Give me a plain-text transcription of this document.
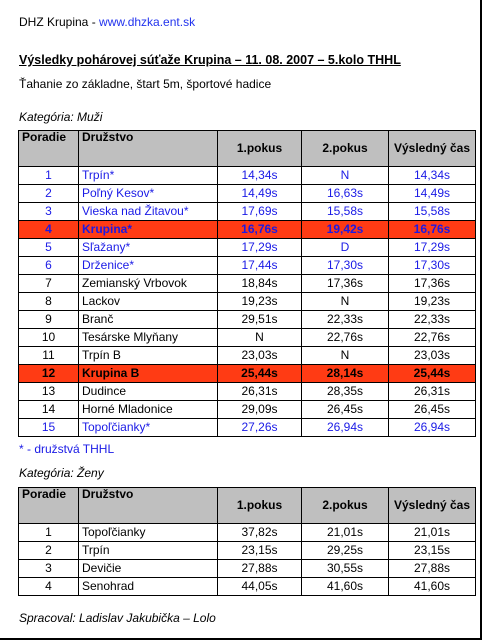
DHZ Krupina - www.dhzka.ent.sk
Výsledky pohárovej súťaže Krupina – 11. 08. 2007 – 5.kolo THHL
Ťahanie zo základne, štart 5m, športové hadice
Kategória: Muži
Poradie	Družstvo	1.pokus	2.pokus	Výsledný čas
1	Trpín*	14,34s	N	14,34s
2	Poľný Kesov*	14,49s	16,63s	14,49s
3	Vieska nad Žitavou*	17,69s	15,58s	15,58s
4	Krupina*	16,76s	19,42s	16,76s
5	Sľažany*	17,29s	D	17,29s
6	Drženice*	17,44s	17,30s	17,30s
7	Zemianský Vrbovok	18,84s	17,36s	17,36s
8	Lackov	19,23s	N	19,23s
9	Branč	29,51s	22,33s	22,33s
10	Tesárske Mlyňany	N	22,76s	22,76s
11	Trpín B	23,03s	N	23,03s
12	Krupina B	25,44s	28,14s	25,44s
13	Dudince	26,31s	28,35s	26,31s
14	Horné Mladonice	29,09s	26,45s	26,45s
15	Topoľčianky*	27,26s	26,94s	26,94s
* - družstvá THHL
Kategória: Ženy
Poradie	Družstvo	1.pokus	2.pokus	Výsledný čas
1	Topoľčianky	37,82s	21,01s	21,01s
2	Trpín	23,15s	29,25s	23,15s
3	Devičie	27,88s	30,55s	27,88s
4	Senohrad	44,05s	41,60s	41,60s
Spracoval: Ladislav Jakubička – Lolo
